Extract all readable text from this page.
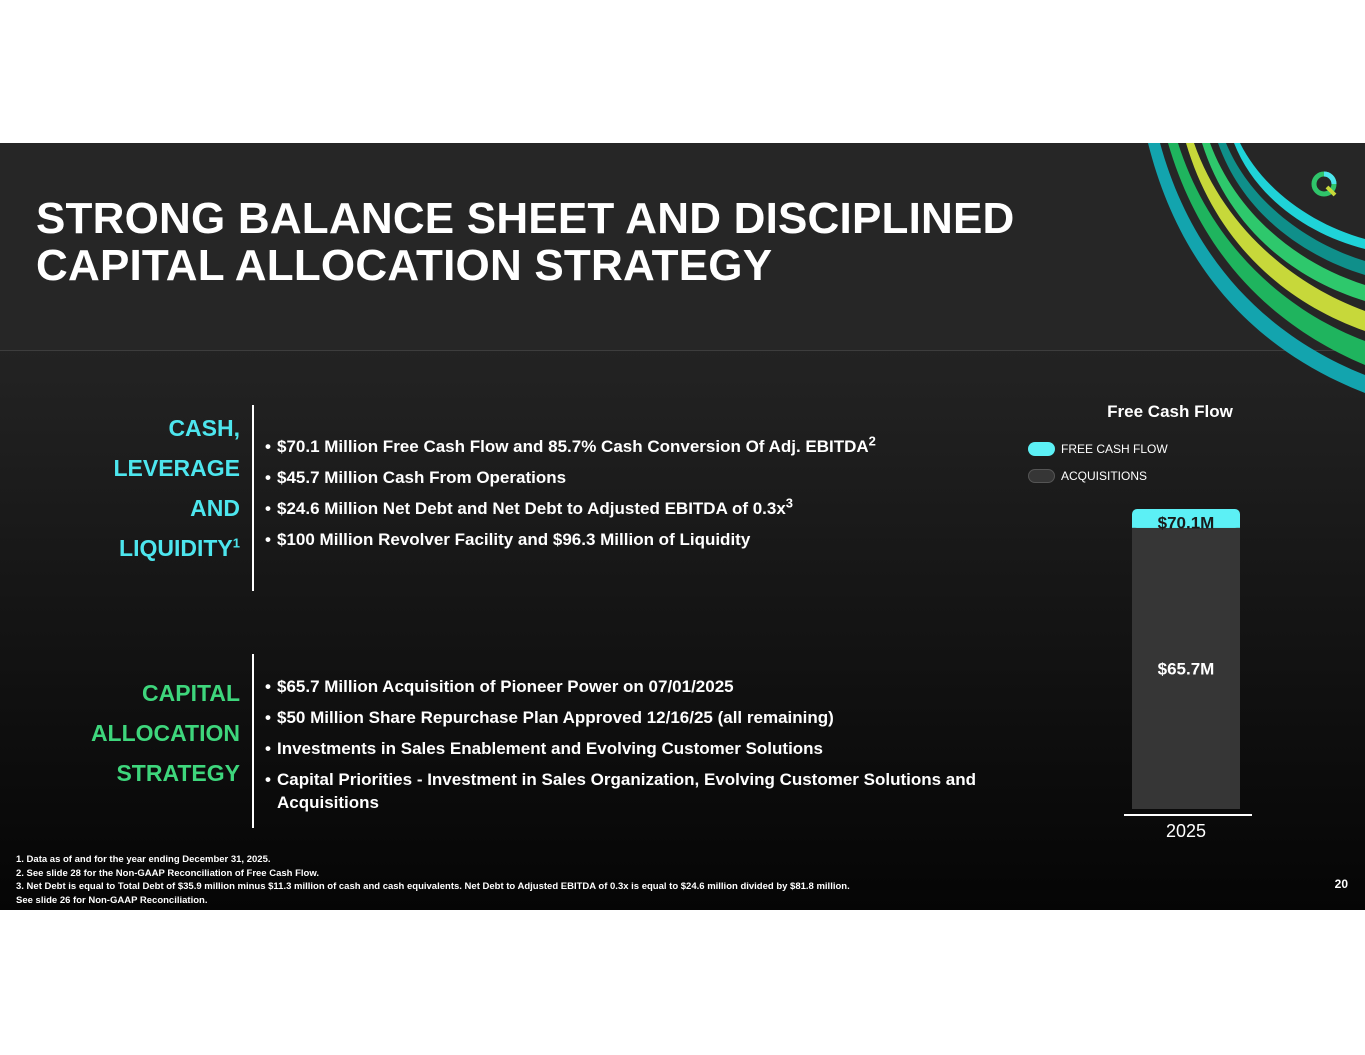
STRONG BALANCE SHEET AND DISCIPLINED
CAPITAL ALLOCATION STRATEGY
CASH,
LEVERAGE
AND
LIQUIDITY$^1$
• $70.1 Million Free Cash Flow and 85.7% Cash Conversion Of Adj. EBITDA$^2$
• $45.7 Million Cash From Operations
• $24.6 Million Net Debt and Net Debt to Adjusted EBITDA of $0.3x^3$
• $100 Million Revolver Facility and $96.3 Million of Liquidity
CAPITAL
ALLOCATION
STRATEGY
• $65.7 Million Acquisition of Pioneer Power on 07/01/2025
• $50 Million Share Repurchase Plan Approved 12/16/25 (all remaining)
• Investments in Sales Enablement and Evolving Customer Solutions
• Capital Priorities - Investment in Sales Organization, Evolving Customer Solutions and Acquisitions
Free Cash Flow
FREE CASH FLOW
ACQUISITIONS
$65.7M
$70.1M
2025
1. Data as of and for the year ending December 31, 2025.
2. See slide 28 for the Non-GAAP Reconciliation of Free Cash Flow.
3. Net Debt is equal to Total Debt of $35.9 million minus $11.3 million of cash and cash equivalents. Net Debt to Adjusted EBITDA of 0.3x is equal to $24.6 million divided by $81.8 million.
See slide 26 for Non-GAAP Reconciliation.
20
